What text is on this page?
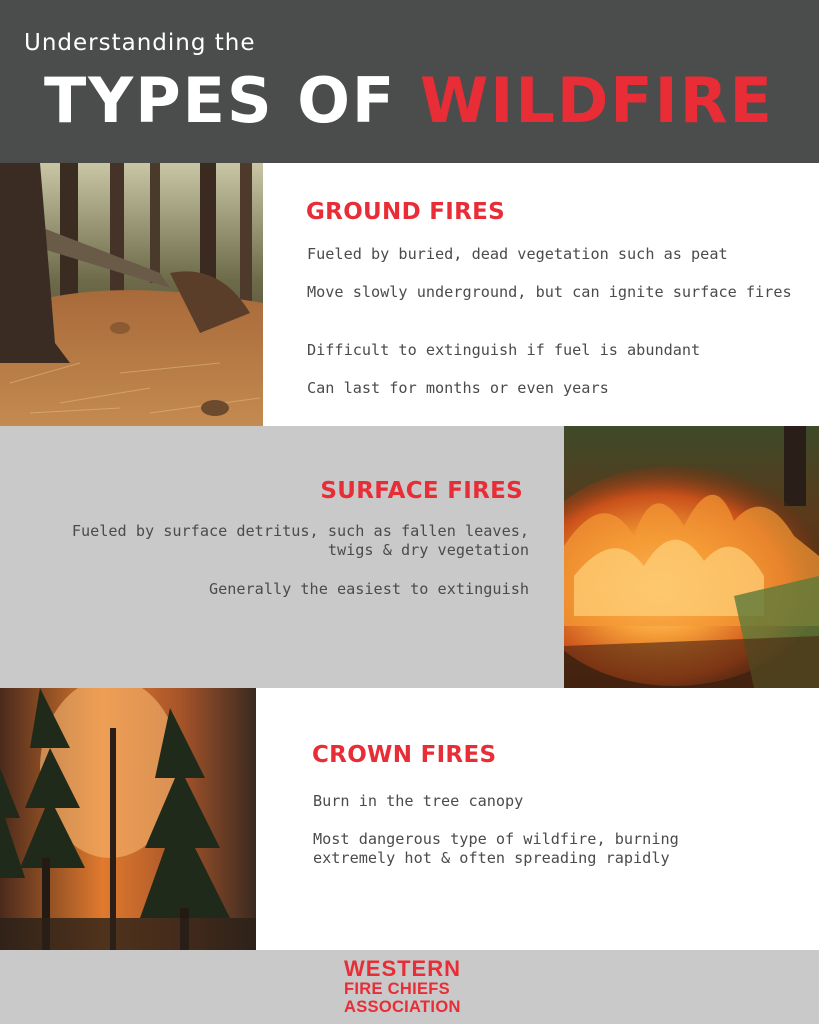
Understanding the
TYPES OF WILDFIRE
GROUND FIRES
Fueled by buried, dead vegetation such as peat
Move slowly underground, but can ignite surface fires
Difficult to extinguish if fuel is abundant
Can last for months or even years
SURFACE FIRES
Fueled by surface detritus, such as fallen leaves, twigs & dry vegetation
Generally the easiest to extinguish
CROWN FIRES
Burn in the tree canopy
Most dangerous type of wildfire, burning extremely hot & often spreading rapidly
WESTERN
FIRE CHIEFS
ASSOCIATION
